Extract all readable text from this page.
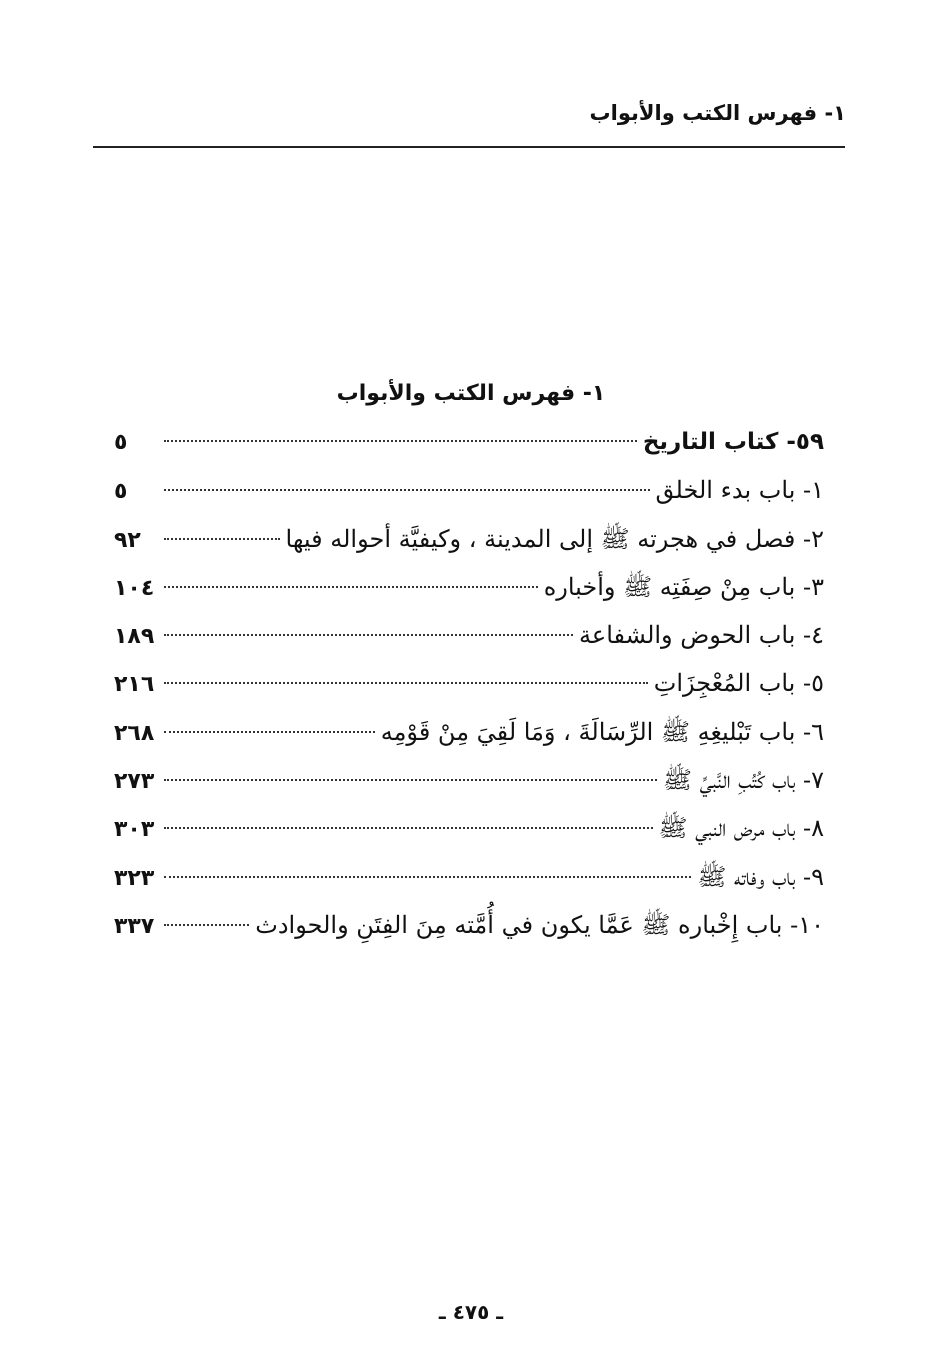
١- فهرس الكتب والأبواب
١- فهرس الكتب والأبواب
٥٩- كتاب التاريخ
٥
١- باب بدء الخلق
٥
٢- فصل في هجرته ﷺ إلى المدينة ، وكيفيَّة أحواله فيها
٩٢
٣- باب مِنْ صِفَتِه ﷺ وأخباره
١٠٤
٤- باب الحوض والشفاعة
١٨٩
٥- باب المُعْجِزَاتِ
٢١٦
٦- باب تَبْليغِهِ ﷺ الرِّسَالَةَ ، وَمَا لَقِيَ مِنْ قَوْمِه
٢٦٨
٧- باب كُتُبِ النَّبيِّ ﷺ
٢٧٣
٨- باب مرض النبي ﷺ
٣٠٣
٩- باب وفاته ﷺ
٣٢٣
١٠- باب إِخْباره ﷺ عَمَّا يكون في أُمَّته مِنَ الفِتَنِ والحوادث
٣٣٧

ـ ٤٧٥ ـ
